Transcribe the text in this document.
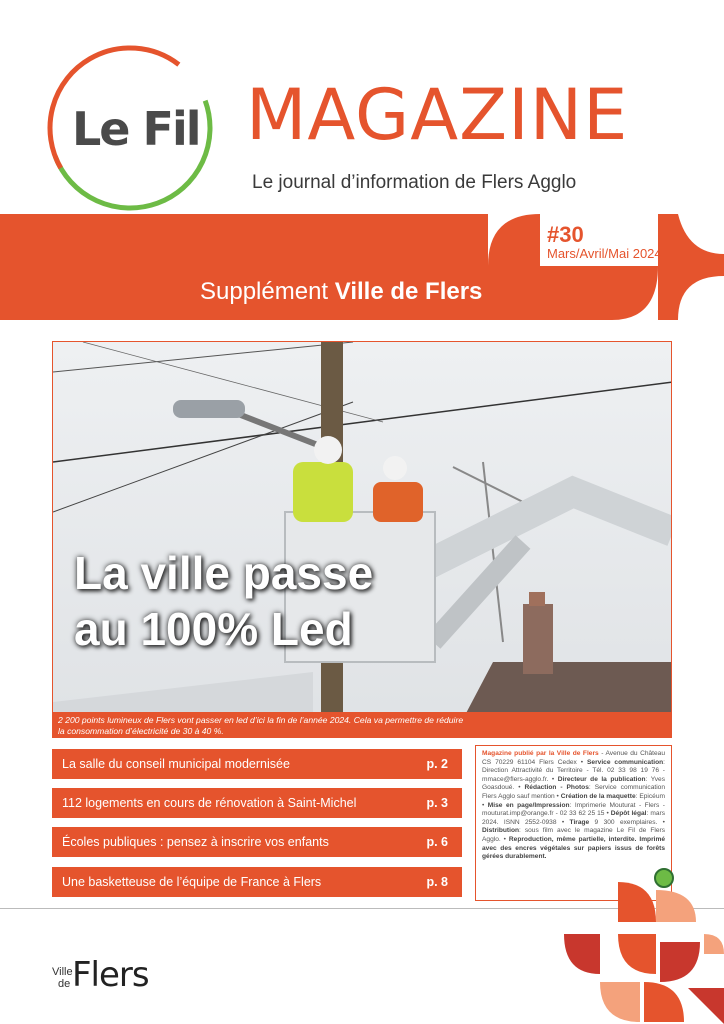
Le Fil MAGAZINE
Le journal d’information de Flers Agglo
#30
Mars/Avril/Mai 2024
Supplément Ville de Flers
La ville passe
au 100% Led
2 200 points lumineux de Flers vont passer en led d’ici la fin de l’année 2024. Cela va permettre de réduire
la consommation d’électricité de 30 à 40 %.
La salle du conseil municipal modernisée	p. 2
112 logements en cours de rénovation à Saint-Michel	p. 3
Écoles publiques : pensez à inscrire vos enfants	p. 6
Une basketteuse de l’équipe de France à Flers	p. 8
Magazine publié par la Ville de Flers - Avenue du Château CS 70229 61104 Flers Cedex • Service communication: Direction Attractivité du Territoire - Tél. 02 33 98 19 76 - mmace@flers-agglo.fr. • Directeur de la publication: Yves Goasdoué. • Rédaction - Photos: Service communication Flers Agglo sauf mention • Création de la maquette: Epicéum • Mise en page/Impression: Imprimerie Mouturat - Flers - mouturat.imp@orange.fr - 02 33 62 25 15 • Dépôt légal: mars 2024. ISNN 2552-0938 • Tirage 9 300 exemplaires. • Distribution: sous film avec le magazine Le Fil de Flers Agglo. • Reproduction, même partielle, interdite. Imprimé avec des encres végétales sur papiers issus de forêts gérées durablement.
Ville
de Flers
